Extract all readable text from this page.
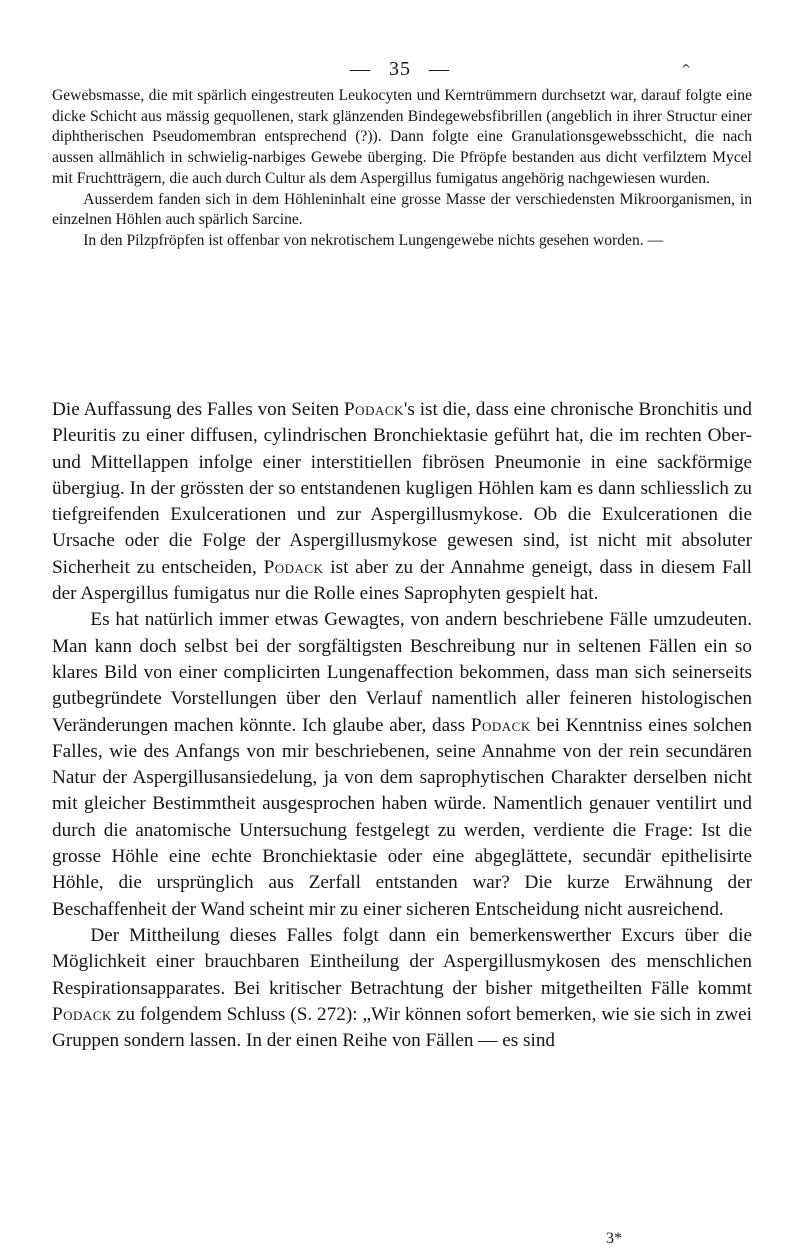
— 35 —	^

Gewebsmasse, die mit spärlich eingestreuten Leukocyten und Kerntrümmern durchsetzt war, darauf folgte eine dicke Schicht aus mässig gequollenen, stark glänzenden Bindegewebsfibrillen (angeblich in ihrer Structur einer diphtherischen Pseudomembran entsprechend (?)). Dann folgte eine Granulationsgewebsschicht, die nach aussen allmählich in schwielig-narbiges Gewebe überging. Die Pfröpfe bestanden aus dicht verfilztem Mycel mit Fruchtträgern, die auch durch Cultur als dem Aspergillus fumigatus angehörig nachgewiesen wurden.

Ausserdem fanden sich in dem Höhleninhalt eine grosse Masse der verschiedensten Mikroorganismen, in einzelnen Höhlen auch spärlich Sarcine.

In den Pilzpfröpfen ist offenbar von nekrotischem Lungengewebe nichts gesehen worden. —

Die Auffassung des Falles von Seiten Podack's ist die, dass eine chronische Bronchitis und Pleuritis zu einer diffusen, cylindrischen Bronchiektasie geführt hat, die im rechten Ober- und Mittellappen infolge einer interstitiellen fibrösen Pneumonie in eine sackförmige übergiug. In der grössten der so entstandenen kugligen Höhlen kam es dann schliesslich zu tiefgreifenden Exulcerationen und zur Aspergillusmykose. Ob die Exulcerationen die Ursache oder die Folge der Aspergillusmykose gewesen sind, ist nicht mit absoluter Sicherheit zu entscheiden, Podack ist aber zu der Annahme geneigt, dass in diesem Fall der Aspergillus fumigatus nur die Rolle eines Saprophyten gespielt hat.

Es hat natürlich immer etwas Gewagtes, von andern beschriebene Fälle umzudeuten. Man kann doch selbst bei der sorgfältigsten Beschreibung nur in seltenen Fällen ein so klares Bild von einer complicirten Lungenaffection bekommen, dass man sich seinerseits gutbegründete Vorstellungen über den Verlauf namentlich aller feineren histologischen Veränderungen machen könnte. Ich glaube aber, dass Podack bei Kenntniss eines solchen Falles, wie des Anfangs von mir beschriebenen, seine Annahme von der rein secundären Natur der Aspergillusansiedelung, ja von dem saprophytischen Charakter derselben nicht mit gleicher Bestimmtheit ausgesprochen haben würde. Namentlich genauer ventilirt und durch die anatomische Untersuchung festgelegt zu werden, verdiente die Frage: Ist die grosse Höhle eine echte Bronchiektasie oder eine abgeglättete, secundär epithelisirte Höhle, die ursprünglich aus Zerfall entstanden war? Die kurze Erwähnung der Beschaffenheit der Wand scheint mir zu einer sicheren Entscheidung nicht ausreichend.

Der Mittheilung dieses Falles folgt dann ein bemerkenswerther Excurs über die Möglichkeit einer brauchbaren Eintheilung der Aspergillusmykosen des menschlichen Respirationsapparates. Bei kritischer Betrachtung der bisher mitgetheilten Fälle kommt Podack zu folgendem Schluss (S. 272): „Wir können sofort bemerken, wie sie sich in zwei Gruppen sondern lassen. In der einen Reihe von Fällen — es sind

3*
